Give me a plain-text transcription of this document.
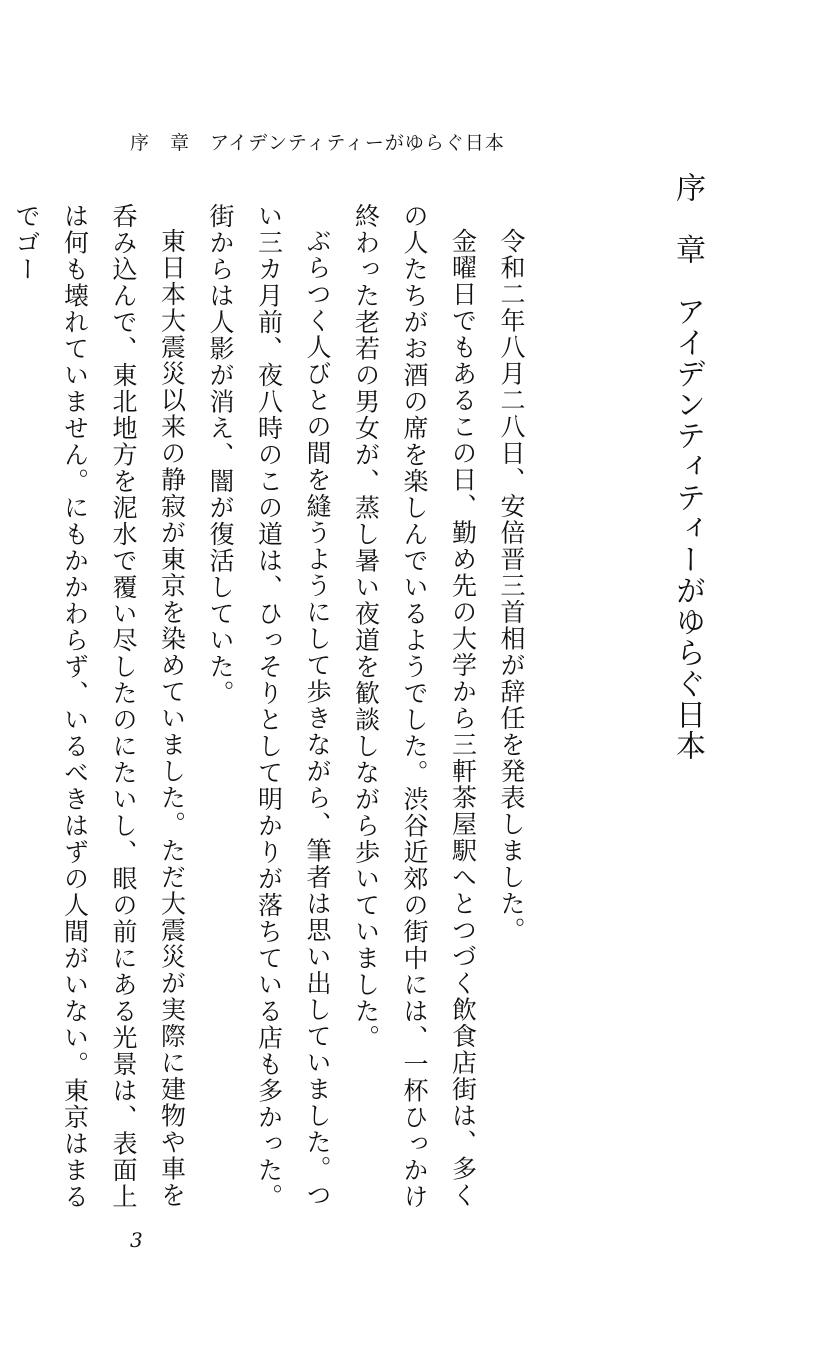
序　章　アイデンティティーがゆらぐ日本
序　章　アイデンティティーがゆらぐ日本

令和二年八月二八日、安倍晋三首相が辞任を発表しました。

金曜日でもあるこの日、勤め先の大学から三軒茶屋駅へとつづく飲食店街は、多くの人たちがお酒の席を楽しんでいるようでした。渋谷近郊の街中には、一杯ひっかけ終わった老若の男女が、蒸し暑い夜道を歓談しながら歩いていました。

ぶらつく人びとの間を縫うようにして歩きながら、筆者は思い出していました。つい三カ月前、夜八時のこの道は、ひっそりとして明かりが落ちている店も多かった。街からは人影が消え、闇が復活していた。

東日本大震災以来の静寂が東京を染めていました。ただ大震災が実際に建物や車を呑み込んで、東北地方を泥水で覆い尽したのにたいし、眼の前にある光景は、表面上は何も壊れていません。にもかかわらず、いるべきはずの人間がいない。東京はまるでゴー

3
